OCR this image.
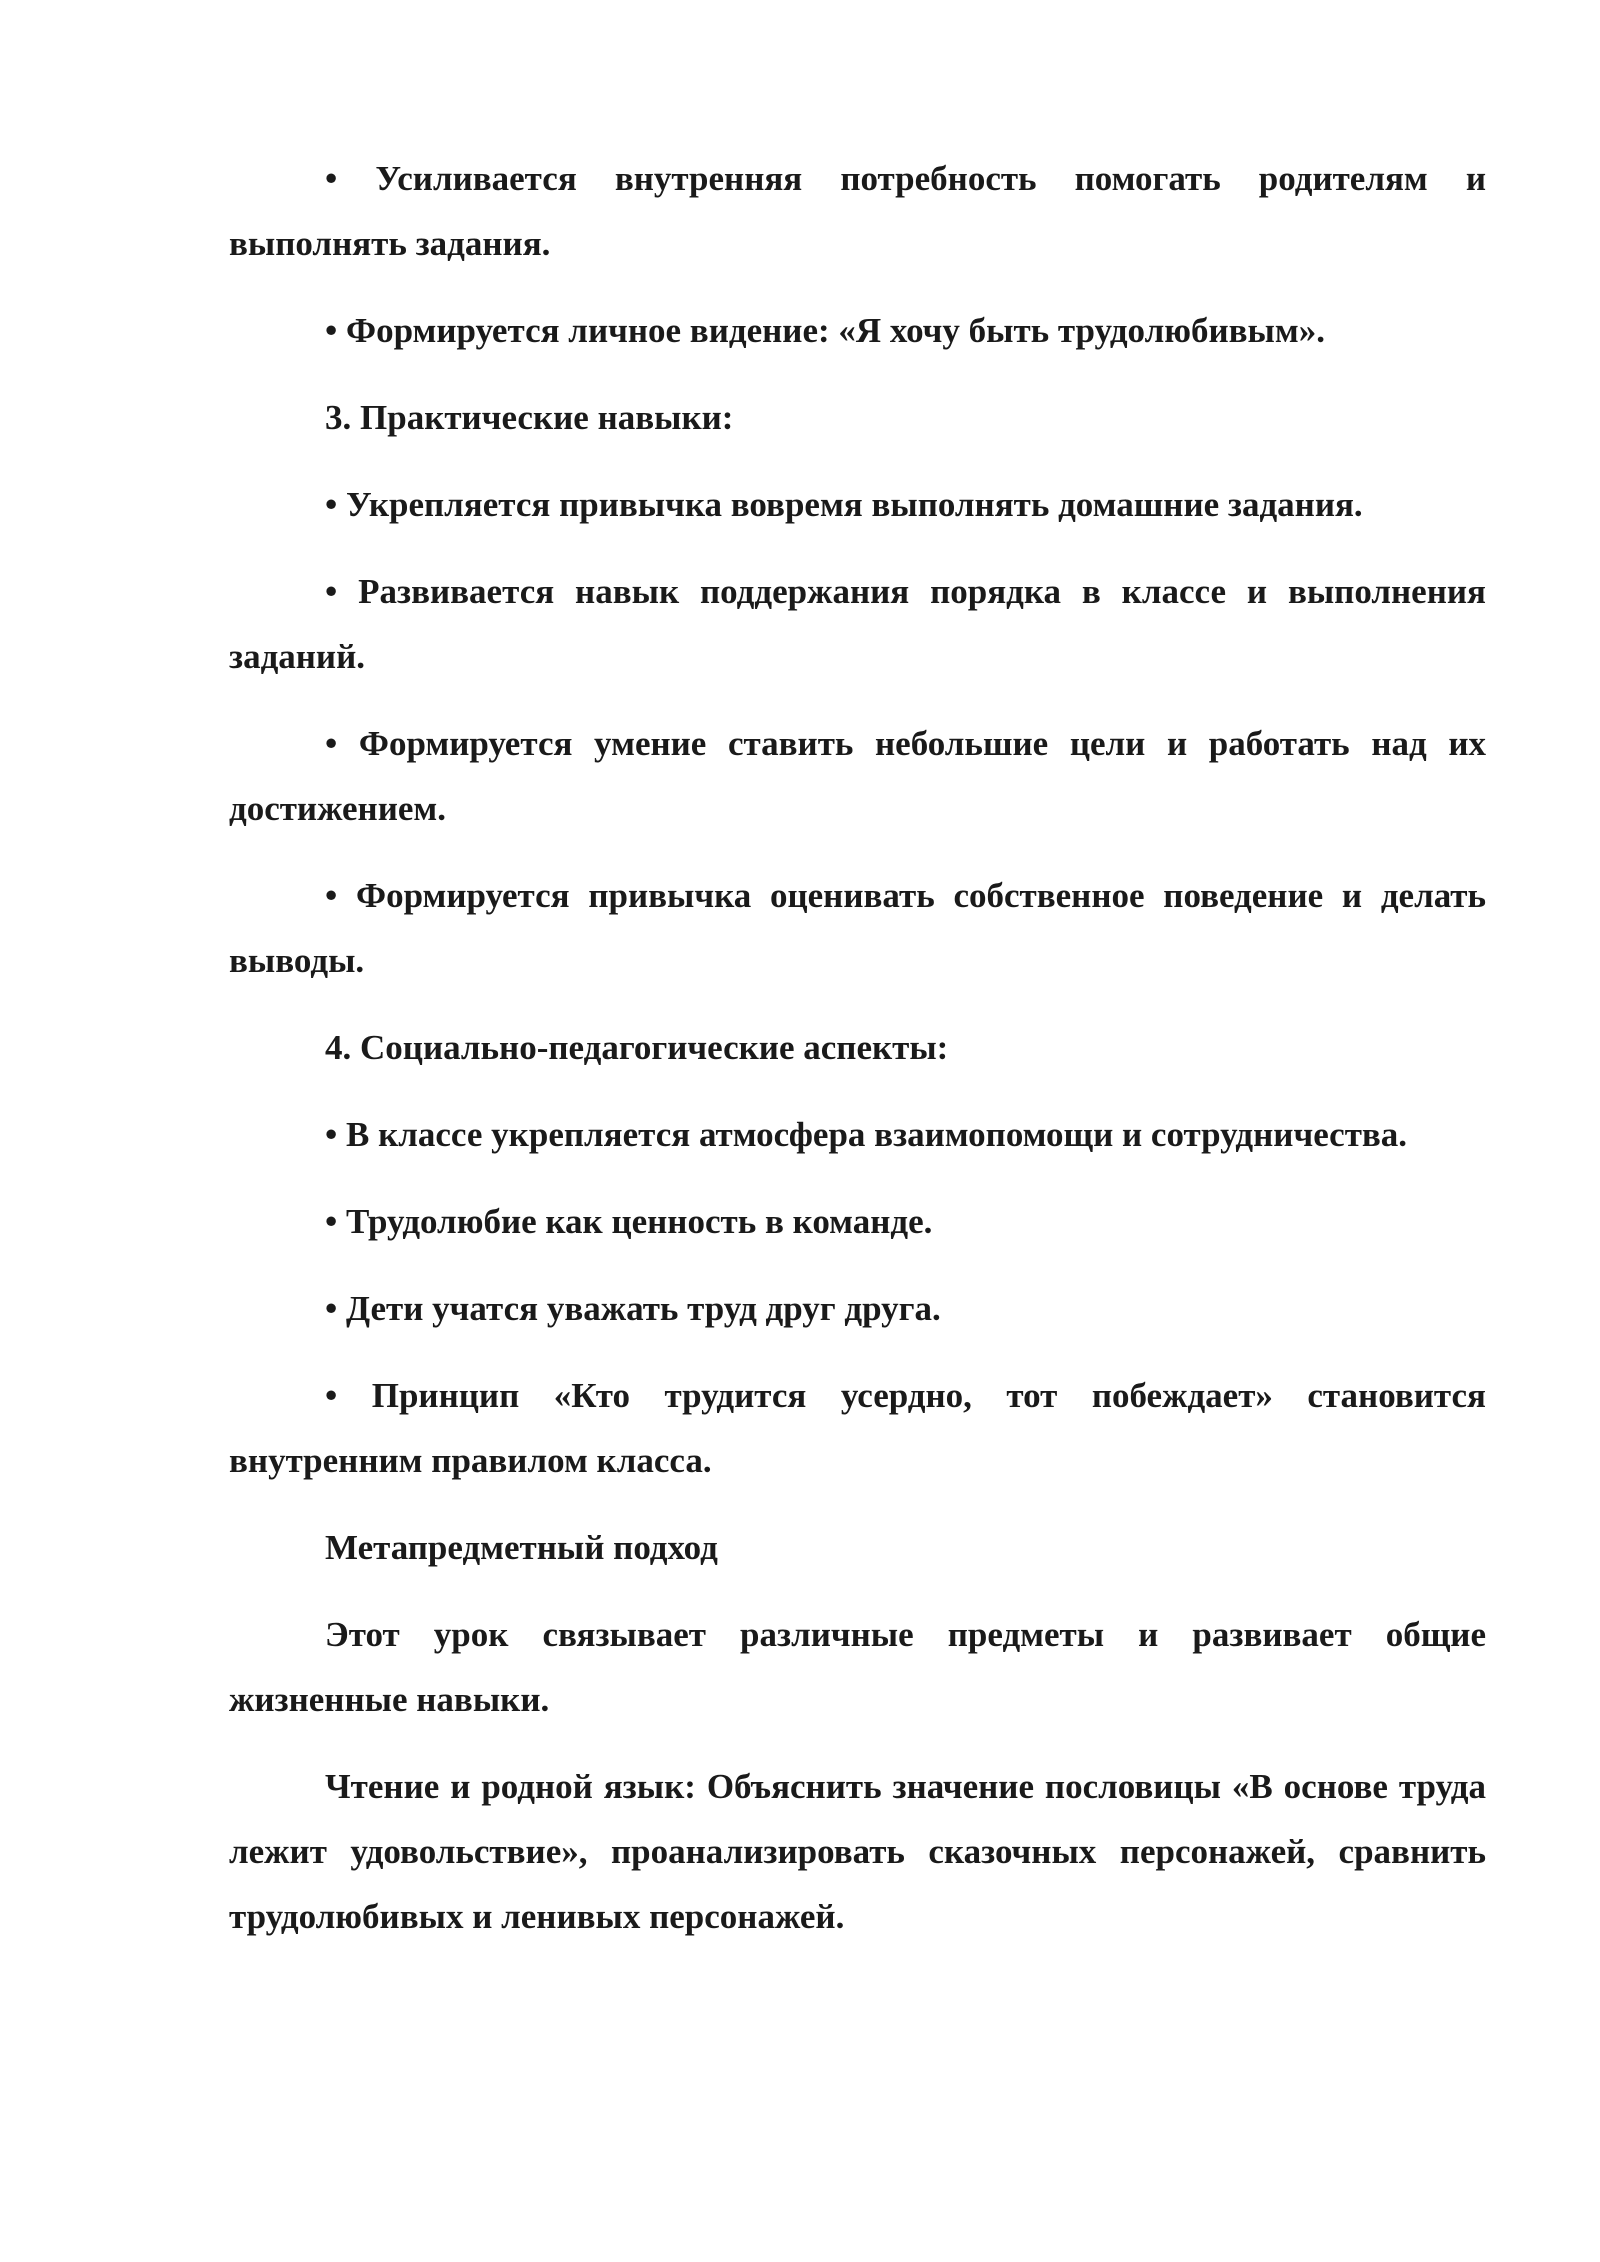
• Усиливается внутренняя потребность помогать родителям и выполнять задания.

• Формируется личное видение: «Я хочу быть трудолюбивым».

3. Практические навыки:

• Укрепляется привычка вовремя выполнять домашние задания.

• Развивается навык поддержания порядка в классе и выполнения заданий.

• Формируется умение ставить небольшие цели и работать над их достижением.

• Формируется привычка оценивать собственное поведение и делать выводы.

4. Социально-педагогические аспекты:

• В классе укрепляется атмосфера взаимопомощи и сотрудничества.

• Трудолюбие как ценность в команде.

• Дети учатся уважать труд друг друга.

• Принцип «Кто трудится усердно, тот побеждает» становится внутренним правилом класса.

Метапредметный подход

Этот урок связывает различные предметы и развивает общие жизненные навыки.

Чтение и родной язык: Объяснить значение пословицы «В основе труда лежит удовольствие», проанализировать сказочных персонажей, сравнить трудолюбивых и ленивых персонажей.
